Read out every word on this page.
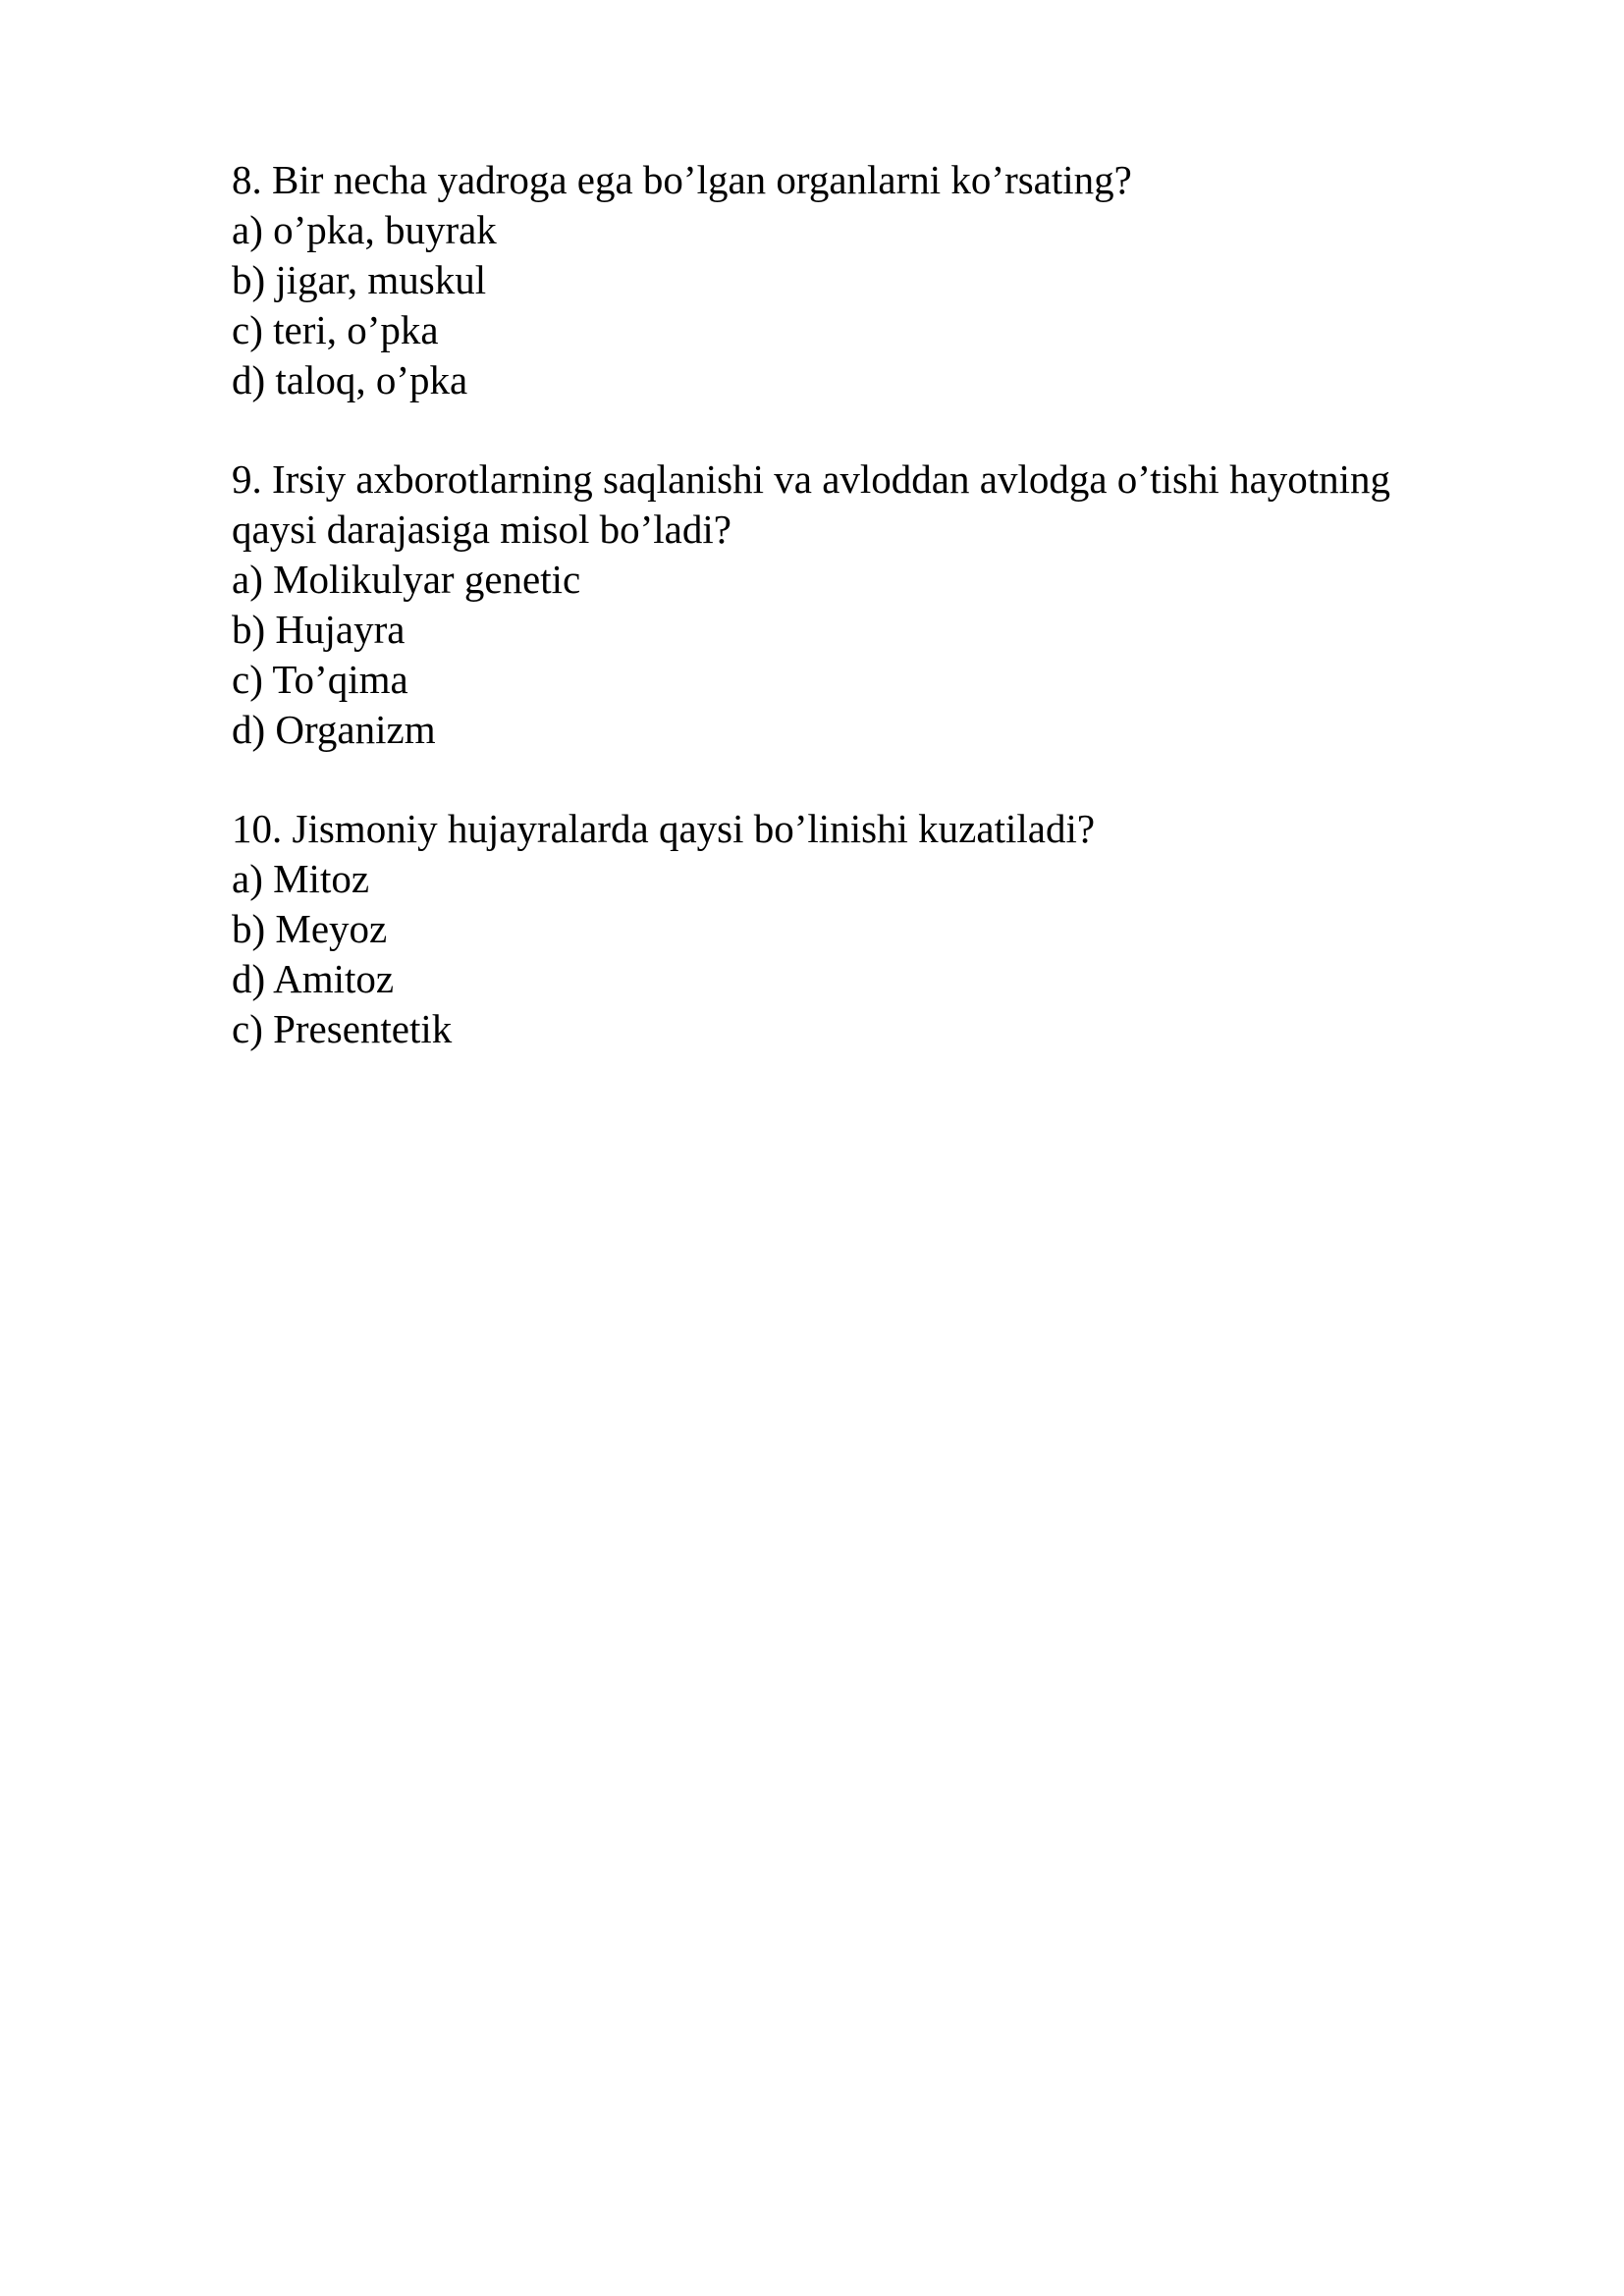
8. Bir necha yadroga ega bo’lgan organlarni ko’rsating?

a) o’pka, buyrak

b) jigar, muskul

c) teri, o’pka

d) taloq, o’pka

9. Irsiy axborotlarning saqlanishi va avloddan avlodga o’tishi hayotning

qaysi darajasiga misol bo’ladi?

a) Molikulyar genetic

b) Hujayra

c) To’qima

d) Organizm

10. Jismoniy hujayralarda qaysi bo’linishi kuzatiladi?

a) Mitoz

b) Meyoz

d) Amitoz

c) Presentetik
